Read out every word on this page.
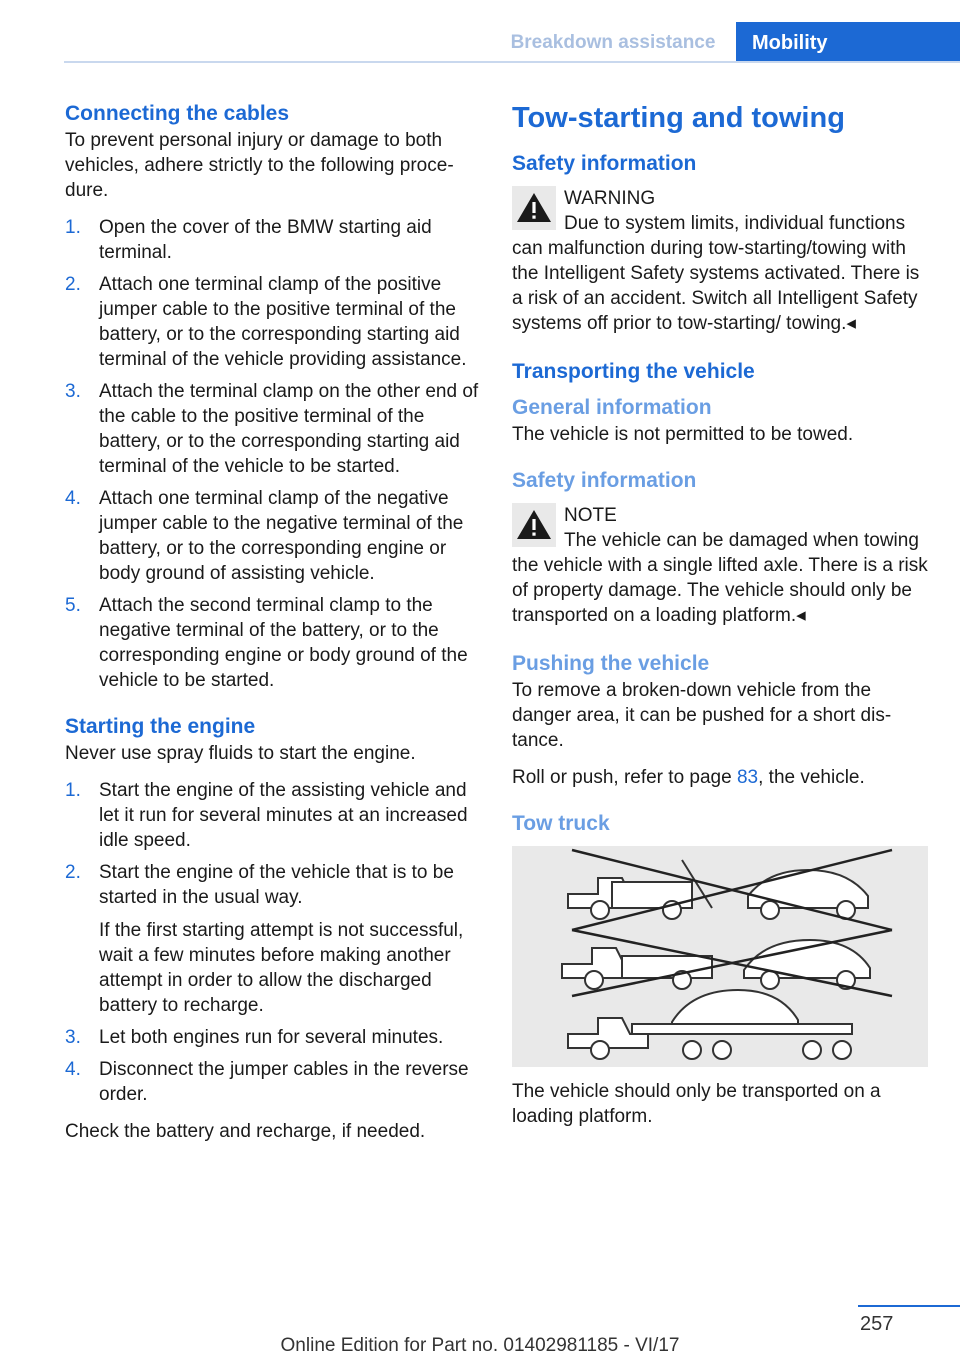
Breakdown assistance	Mobility
Connecting the cables

To prevent personal injury or damage to both vehicles, adhere strictly to the following procedure.

1. Open the cover of the BMW starting aid terminal.

2. Attach one terminal clamp of the positive jumper cable to the positive terminal of the battery, or to the corresponding starting aid terminal of the vehicle providing assistance.

3. Attach the terminal clamp on the other end of the cable to the positive terminal of the battery, or to the corresponding starting aid terminal of the vehicle to be started.

4. Attach one terminal clamp of the negative jumper cable to the negative terminal of the battery, or to the corresponding engine or body ground of assisting vehicle.

5. Attach the second terminal clamp to the negative terminal of the battery, or to the corresponding engine or body ground of the vehicle to be started.

Starting the engine

Never use spray fluids to start the engine.

1. Start the engine of the assisting vehicle and let it run for several minutes at an increased idle speed.

2. Start the engine of the vehicle that is to be started in the usual way.

If the first starting attempt is not successful, wait a few minutes before making another attempt in order to allow the discharged battery to recharge.

3. Let both engines run for several minutes.

4. Disconnect the jumper cables in the reverse order.

Check the battery and recharge, if needed.

Tow-starting and towing
Safety information
WARNING

Due to system limits, individual functions can malfunction during tow-starting/towing with the Intelligent Safety systems activated. There is a risk of an accident. Switch all Intelligent Safety systems off prior to tow-starting/ towing.◂

Transporting the vehicle
General information

The vehicle is not permitted to be towed.

Safety information
NOTE

The vehicle can be damaged when towing the vehicle with a single lifted axle. There is a risk of property damage. The vehicle should only be transported on a loading platform.◂

Pushing the vehicle

To remove a broken-down vehicle from the danger area, it can be pushed for a short distance.

Roll or push, refer to page 83, the vehicle.

Tow truck

The vehicle should only be transported on a loading platform.

257
Online Edition for Part no. 01402981185 - VI/17
